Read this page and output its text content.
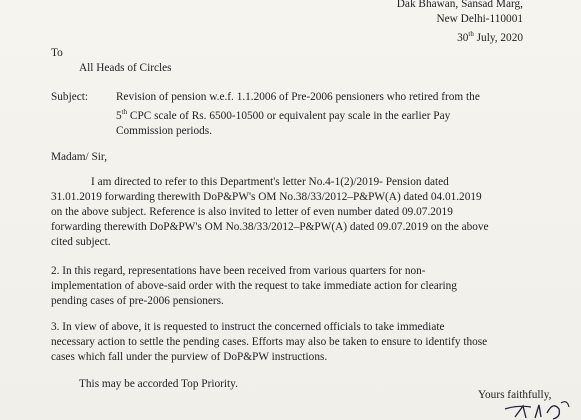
Dak Bhawan, Sansad Marg,
New Delhi-110001
30th July, 2020
To
All Heads of Circles
Subject: Revision of pension w.e.f. 1.1.2006 of Pre-2006 pensioners who retired from the
5th CPC scale of Rs. 6500-10500 or equivalent pay scale in the earlier Pay
Commission periods.
Madam/ Sir,
I am directed to refer to this Department's letter No.4-1(2)/2019- Pension dated
31.01.2019 forwarding therewith DoP&PW's OM No.38/33/2012–P&PW(A) dated 04.01.2019
on the above subject. Reference is also invited to letter of even number dated 09.07.2019
forwarding therewith DoP&PW's OM No.38/33/2012–P&PW(A) dated 09.07.2019 on the above
cited subject.
2. In this regard, representations have been received from various quarters for non-
implementation of above-said order with the request to take immediate action for clearing
pending cases of pre-2006 pensioners.
3. In view of above, it is requested to instruct the concerned officials to take immediate
necessary action to settle the pending cases. Efforts may also be taken to ensure to identify those
cases which fall under the purview of DoP&PW instructions.
This may be accorded Top Priority.
Yours faithfully,
